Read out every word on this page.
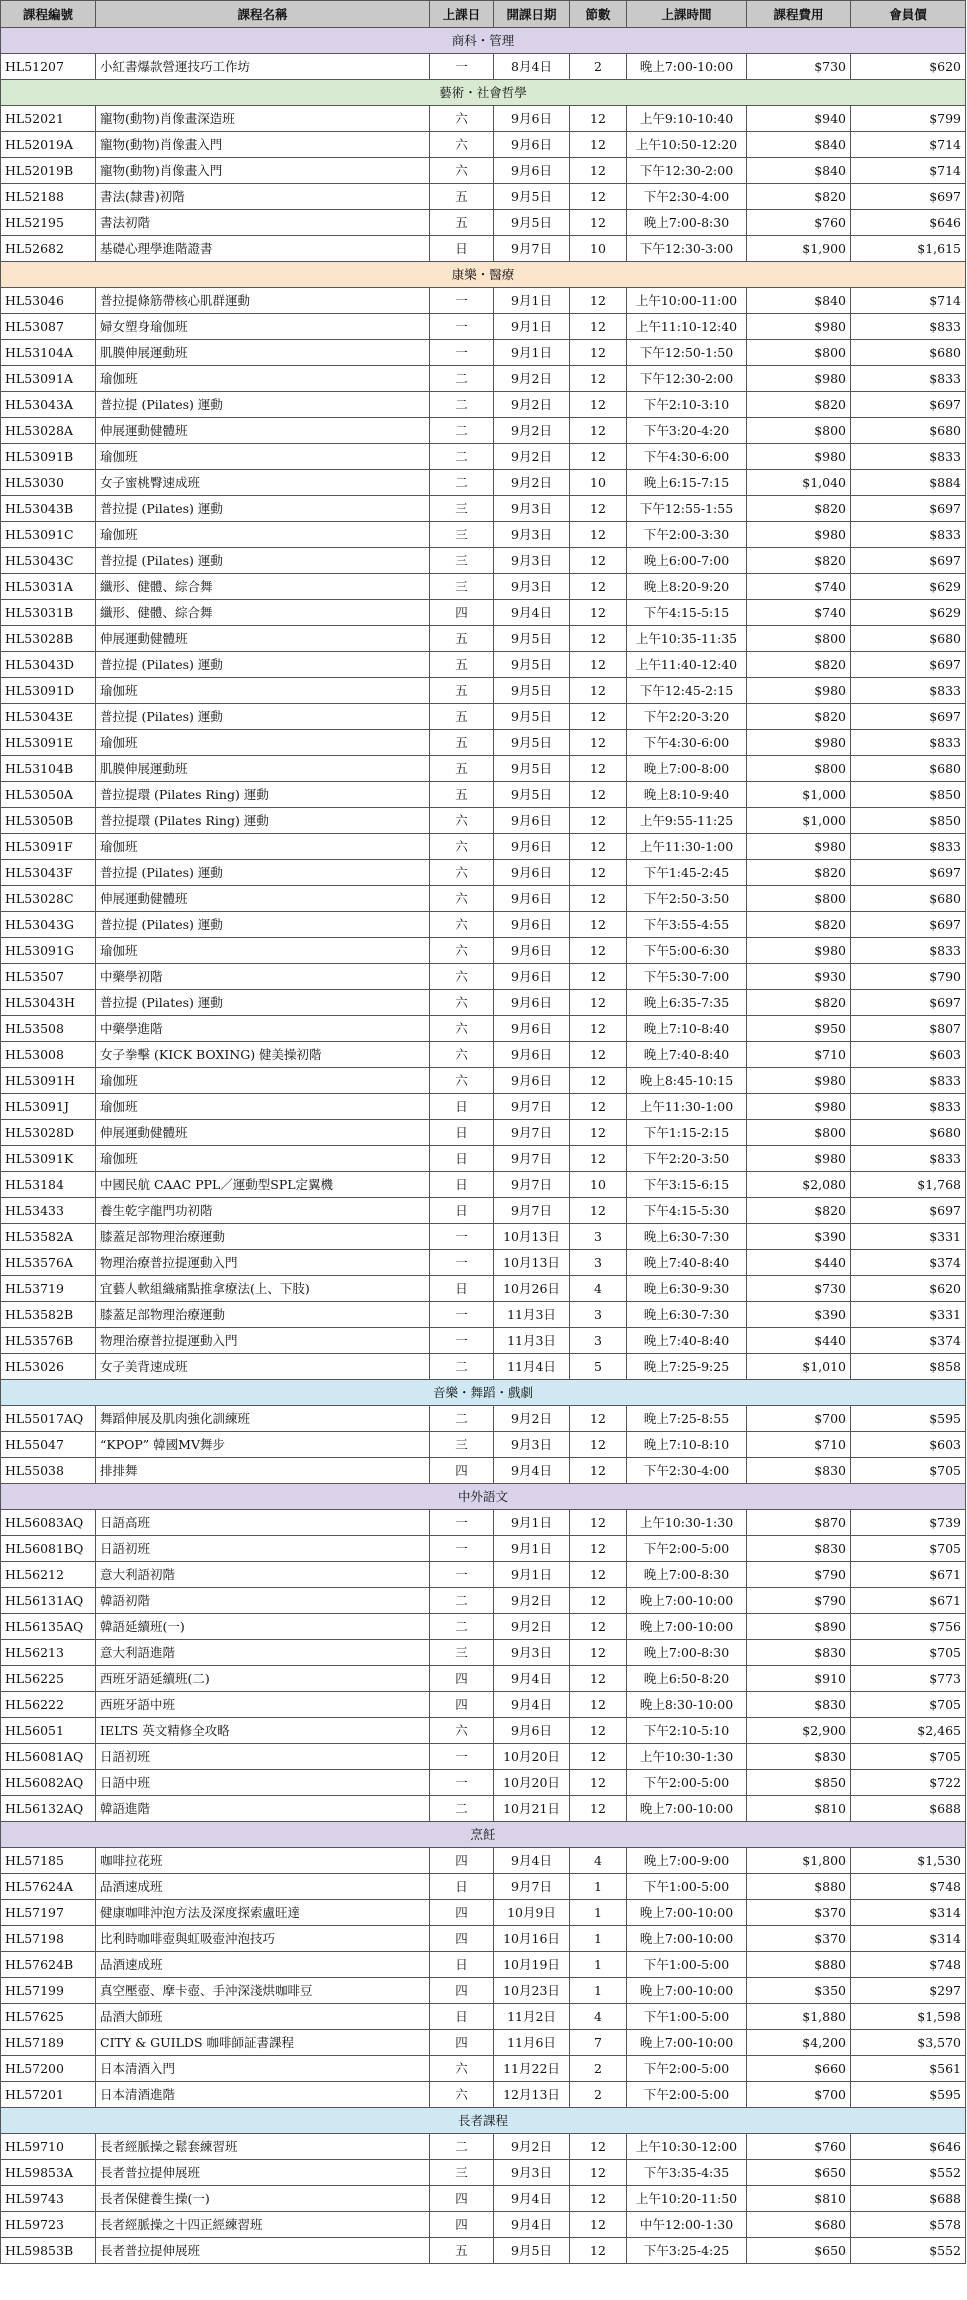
課程編號	課程名稱	上課日	開課日期	節數	上課時間	課程費用	會員價
商科・管理							
HL51207	小紅書爆款營運技巧工作坊	一	8月4日	2	晚上7:00-10:00	$730	$620
藝術・社會哲學							
HL52021	寵物(動物)肖像畫深造班	六	9月6日	12	上午9:10-10:40	$940	$799
HL52019A	寵物(動物)肖像畫入門	六	9月6日	12	上午10:50-12:20	$840	$714
HL52019B	寵物(動物)肖像畫入門	六	9月6日	12	下午12:30-2:00	$840	$714
HL52188	書法(隸書)初階	五	9月5日	12	下午2:30-4:00	$820	$697
HL52195	書法初階	五	9月5日	12	晚上7:00-8:30	$760	$646
HL52682	基礎心理學進階證書	日	9月7日	10	下午12:30-3:00	$1,900	$1,615
康樂・醫療							
HL53046	普拉提條筋帶核心肌群運動	一	9月1日	12	上午10:00-11:00	$840	$714
HL53087	婦女塑身瑜伽班	一	9月1日	12	上午11:10-12:40	$980	$833
HL53104A	肌膜伸展運動班	一	9月1日	12	下午12:50-1:50	$800	$680
HL53091A	瑜伽班	二	9月2日	12	下午12:30-2:00	$980	$833
HL53043A	普拉提 (Pilates) 運動	二	9月2日	12	下午2:10-3:10	$820	$697
HL53028A	伸展運動健體班	二	9月2日	12	下午3:20-4:20	$800	$680
HL53091B	瑜伽班	二	9月2日	12	下午4:30-6:00	$980	$833
HL53030	女子蜜桃臀速成班	二	9月2日	10	晚上6:15-7:15	$1,040	$884
HL53043B	普拉提 (Pilates) 運動	三	9月3日	12	下午12:55-1:55	$820	$697
HL53091C	瑜伽班	三	9月3日	12	下午2:00-3:30	$980	$833
HL53043C	普拉提 (Pilates) 運動	三	9月3日	12	晚上6:00-7:00	$820	$697
HL53031A	纖形、健體、綜合舞	三	9月3日	12	晚上8:20-9:20	$740	$629
HL53031B	纖形、健體、綜合舞	四	9月4日	12	下午4:15-5:15	$740	$629
HL53028B	伸展運動健體班	五	9月5日	12	上午10:35-11:35	$800	$680
HL53043D	普拉提 (Pilates) 運動	五	9月5日	12	上午11:40-12:40	$820	$697
HL53091D	瑜伽班	五	9月5日	12	下午12:45-2:15	$980	$833
HL53043E	普拉提 (Pilates) 運動	五	9月5日	12	下午2:20-3:20	$820	$697
HL53091E	瑜伽班	五	9月5日	12	下午4:30-6:00	$980	$833
HL53104B	肌膜伸展運動班	五	9月5日	12	晚上7:00-8:00	$800	$680
HL53050A	普拉提環 (Pilates Ring) 運動	五	9月5日	12	晚上8:10-9:40	$1,000	$850
HL53050B	普拉提環 (Pilates Ring) 運動	六	9月6日	12	上午9:55-11:25	$1,000	$850
HL53091F	瑜伽班	六	9月6日	12	上午11:30-1:00	$980	$833
HL53043F	普拉提 (Pilates) 運動	六	9月6日	12	下午1:45-2:45	$820	$697
HL53028C	伸展運動健體班	六	9月6日	12	下午2:50-3:50	$800	$680
HL53043G	普拉提 (Pilates) 運動	六	9月6日	12	下午3:55-4:55	$820	$697
HL53091G	瑜伽班	六	9月6日	12	下午5:00-6:30	$980	$833
HL53507	中藥學初階	六	9月6日	12	下午5:30-7:00	$930	$790
HL53043H	普拉提 (Pilates) 運動	六	9月6日	12	晚上6:35-7:35	$820	$697
HL53508	中藥學進階	六	9月6日	12	晚上7:10-8:40	$950	$807
HL53008	女子拳擊 (KICK BOXING) 健美操初階	六	9月6日	12	晚上7:40-8:40	$710	$603
HL53091H	瑜伽班	六	9月6日	12	晚上8:45-10:15	$980	$833
HL53091J	瑜伽班	日	9月7日	12	上午11:30-1:00	$980	$833
HL53028D	伸展運動健體班	日	9月7日	12	下午1:15-2:15	$800	$680
HL53091K	瑜伽班	日	9月7日	12	下午2:20-3:50	$980	$833
HL53184	中國民航 CAAC PPL／運動型SPL定翼機	日	9月7日	10	下午3:15-6:15	$2,080	$1,768
HL53433	養生乾字龍門功初階	日	9月7日	12	下午4:15-5:30	$820	$697
HL53582A	膝蓋足部物理治療運動	一	10月13日	3	晚上6:30-7:30	$390	$331
HL53576A	物理治療普拉提運動入門	一	10月13日	3	晚上7:40-8:40	$440	$374
HL53719	宜藝人軟組織痛點推拿療法(上、下肢)	日	10月26日	4	晚上6:30-9:30	$730	$620
HL53582B	膝蓋足部物理治療運動	一	11月3日	3	晚上6:30-7:30	$390	$331
HL53576B	物理治療普拉提運動入門	一	11月3日	3	晚上7:40-8:40	$440	$374
HL53026	女子美背速成班	二	11月4日	5	晚上7:25-9:25	$1,010	$858
音樂・舞蹈・戲劇							
HL55017AQ	舞蹈伸展及肌肉強化訓練班	二	9月2日	12	晚上7:25-8:55	$700	$595
HL55047	“KPOP” 韓國MV舞步	三	9月3日	12	晚上7:10-8:10	$710	$603
HL55038	排排舞	四	9月4日	12	下午2:30-4:00	$830	$705
中外語文							
HL56083AQ	日語高班	一	9月1日	12	上午10:30-1:30	$870	$739
HL56081BQ	日語初班	一	9月1日	12	下午2:00-5:00	$830	$705
HL56212	意大利語初階	一	9月1日	12	晚上7:00-8:30	$790	$671
HL56131AQ	韓語初階	二	9月2日	12	晚上7:00-10:00	$790	$671
HL56135AQ	韓語延續班(一)	二	9月2日	12	晚上7:00-10:00	$890	$756
HL56213	意大利語進階	三	9月3日	12	晚上7:00-8:30	$830	$705
HL56225	西班牙語延續班(二)	四	9月4日	12	晚上6:50-8:20	$910	$773
HL56222	西班牙語中班	四	9月4日	12	晚上8:30-10:00	$830	$705
HL56051	IELTS 英文精修全攻略	六	9月6日	12	下午2:10-5:10	$2,900	$2,465
HL56081AQ	日語初班	一	10月20日	12	上午10:30-1:30	$830	$705
HL56082AQ	日語中班	一	10月20日	12	下午2:00-5:00	$850	$722
HL56132AQ	韓語進階	二	10月21日	12	晚上7:00-10:00	$810	$688
烹飪							
HL57185	咖啡拉花班	四	9月4日	4	晚上7:00-9:00	$1,800	$1,530
HL57624A	品酒速成班	日	9月7日	1	下午1:00-5:00	$880	$748
HL57197	健康咖啡沖泡方法及深度探索盧旺達	四	10月9日	1	晚上7:00-10:00	$370	$314
HL57198	比利時咖啡壺與虹吸壺沖泡技巧	四	10月16日	1	晚上7:00-10:00	$370	$314
HL57624B	品酒速成班	日	10月19日	1	下午1:00-5:00	$880	$748
HL57199	真空壓壺、摩卡壺、手沖深淺烘咖啡豆	四	10月23日	1	晚上7:00-10:00	$350	$297
HL57625	品酒大師班	日	11月2日	4	下午1:00-5:00	$1,880	$1,598
HL57189	CITY & GUILDS 咖啡師証書課程	四	11月6日	7	晚上7:00-10:00	$4,200	$3,570
HL57200	日本清酒入門	六	11月22日	2	下午2:00-5:00	$660	$561
HL57201	日本清酒進階	六	12月13日	2	下午2:00-5:00	$700	$595
長者課程							
HL59710	長者經脈操之鬆套練習班	二	9月2日	12	上午10:30-12:00	$760	$646
HL59853A	長者普拉提伸展班	三	9月3日	12	下午3:35-4:35	$650	$552
HL59743	長者保健養生操(一)	四	9月4日	12	上午10:20-11:50	$810	$688
HL59723	長者經脈操之十四正經練習班	四	9月4日	12	中午12:00-1:30	$680	$578
HL59853B	長者普拉提伸展班	五	9月5日	12	下午3:25-4:25	$650	$552
